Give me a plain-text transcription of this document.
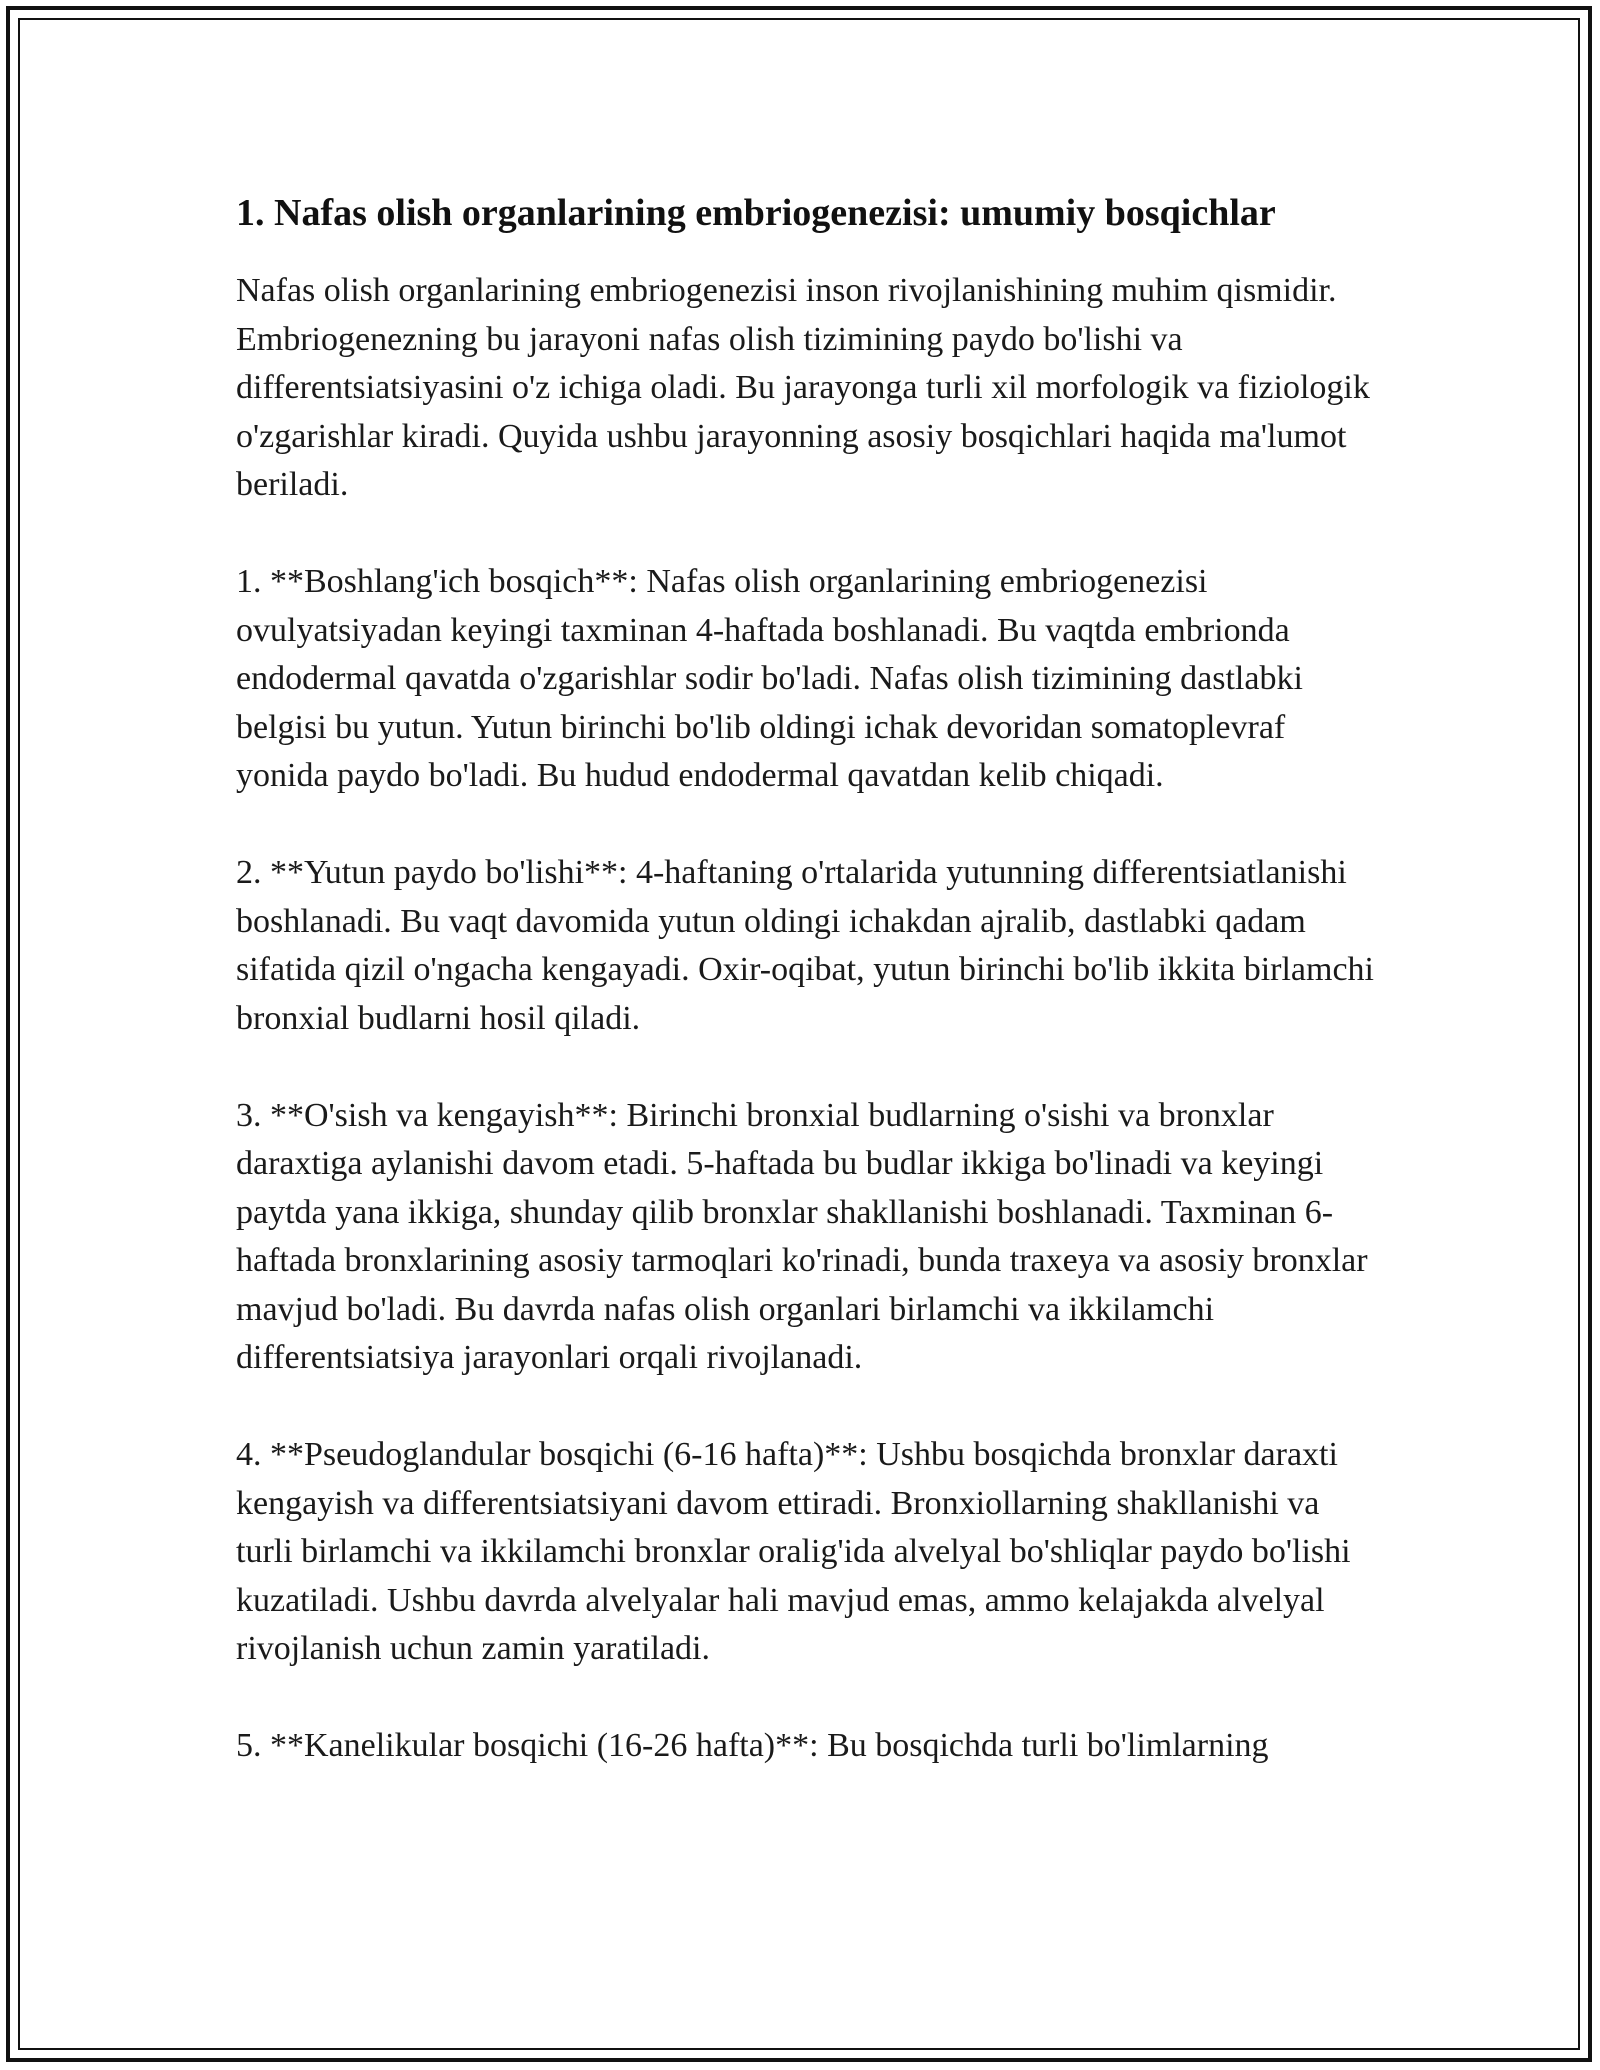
1. Nafas olish organlarining embriogenezisi: umumiy bosqichlar

Nafas olish organlarining embriogenezisi inson rivojlanishining muhim qismidir. Embriogenezning bu jarayoni nafas olish tizimining paydo bo'lishi va differentsiatsiyasini o'z ichiga oladi. Bu jarayonga turli xil morfologik va fiziologik o'zgarishlar kiradi. Quyida ushbu jarayonning asosiy bosqichlari haqida ma'lumot beriladi.

1. **Boshlang'ich bosqich**: Nafas olish organlarining embriogenezisi ovulyatsiyadan keyingi taxminan 4-haftada boshlanadi. Bu vaqtda embrionda endodermal qavatda o'zgarishlar sodir bo'ladi. Nafas olish tizimining dastlabki belgisi bu yutun. Yutun birinchi bo'lib oldingi ichak devoridan somatoplevraf yonida paydo bo'ladi. Bu hudud endodermal qavatdan kelib chiqadi.

2. **Yutun paydo bo'lishi**: 4-haftaning o'rtalarida yutunning differentsiatlanishi boshlanadi. Bu vaqt davomida yutun oldingi ichakdan ajralib, dastlabki qadam sifatida qizil o'ngacha kengayadi. Oxir-oqibat, yutun birinchi bo'lib ikkita birlamchi bronxial budlarni hosil qiladi.

3. **O'sish va kengayish**: Birinchi bronxial budlarning o'sishi va bronxlar daraxtiga aylanishi davom etadi. 5-haftada bu budlar ikkiga bo'linadi va keyingi paytda yana ikkiga, shunday qilib bronxlar shakllanishi boshlanadi. Taxminan 6-haftada bronxlarining asosiy tarmoqlari ko'rinadi, bunda traxeya va asosiy bronxlar mavjud bo'ladi. Bu davrda nafas olish organlari birlamchi va ikkilamchi differentsiatsiya jarayonlari orqali rivojlanadi.

4. **Pseudoglandular bosqichi (6-16 hafta)**: Ushbu bosqichda bronxlar daraxti kengayish va differentsiatsiyani davom ettiradi. Bronxiollarning shakllanishi va turli birlamchi va ikkilamchi bronxlar oralig'ida alvelyal bo'shliqlar paydo bo'lishi kuzatiladi. Ushbu davrda alvelyalar hali mavjud emas, ammo kelajakda alvelyal rivojlanish uchun zamin yaratiladi.

5. **Kanelikular bosqichi (16-26 hafta)**: Bu bosqichda turli bo'limlarning
